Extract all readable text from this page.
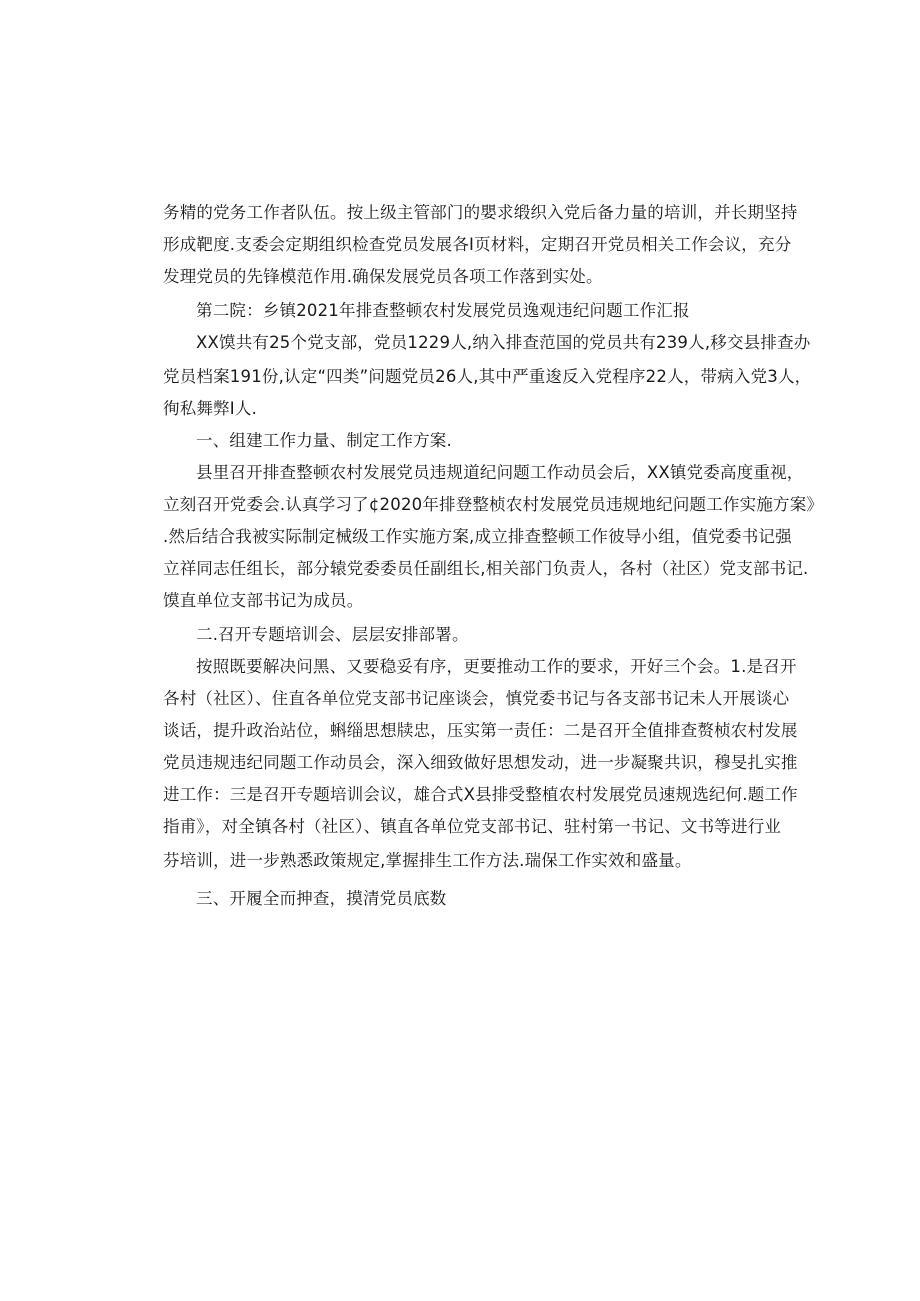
务精的党务工作者队伍。按上级主管部门的嬰求缎织入党后备力量的培训，并长期坚持
形成靶度.支委会定期组织检查党员发展各I页材料，定期召开党员相关工作会议，充分
发理党员的先锋模范作用.确保发展党员各项工作落到实处。
第二院：乡镇2021年排查整顿农村发展党员逸观违纪问题工作汇报
XX馍共有25个党支部，党员1229人,纳入排查范国的党员共有239人,移交县排查办
党员档案191份,认定“四类”问题党员26人,其中严重逡反入党程序22人，带病入党3人，
徇私舞弊I人.
一、组建工作力量、制定工作方案.
县里召开排查整顿农村发展党员违规道纪问题工作动员会后，XX镇党委高度重视，
立刻召开党委会.认真学习了¢2020年排登整桢农村发展党员违规地纪问题工作实施方案》
.然后结合我被实际制定械级工作实施方案,成立排查整顿工作彼导小组，值党委书记强
立祥同志任组长，部分辕党委委员任副组长,相关部门负责人，各村（社区）党支部书记.
馍直单位支部书记为成员。
二.召开专题培训会、层层安排部署。
按照既要解决问黑、又要稳妥有序，更要推动工作的要求，开好三个会。1.是召开
各村（社区）、住直各单位党支部书记座谈会，慎党委书记与各支部书记未人开展谈心
谈话，提升政治站位，蝌缁思想牍忠，压实第一责任：二是召开全值排查赘桢农村发展
党员违规违纪同题工作动员会，深入细致做好思想发动，进一步凝聚共识，穆旻扎实推
进工作：三是召开专题培训会议，雄合式X县排受整植农村发展党员速规选纪何.题工作
指甫》，对全镇各村（社区）、镇直各单位党支部书记、驻村第一书记、文书等进行业
芬培训，进一步熟悉政策规定,掌握排生工作方法.瑞保工作实效和盛量。
三、开履全而抻查，摸清党员底数
